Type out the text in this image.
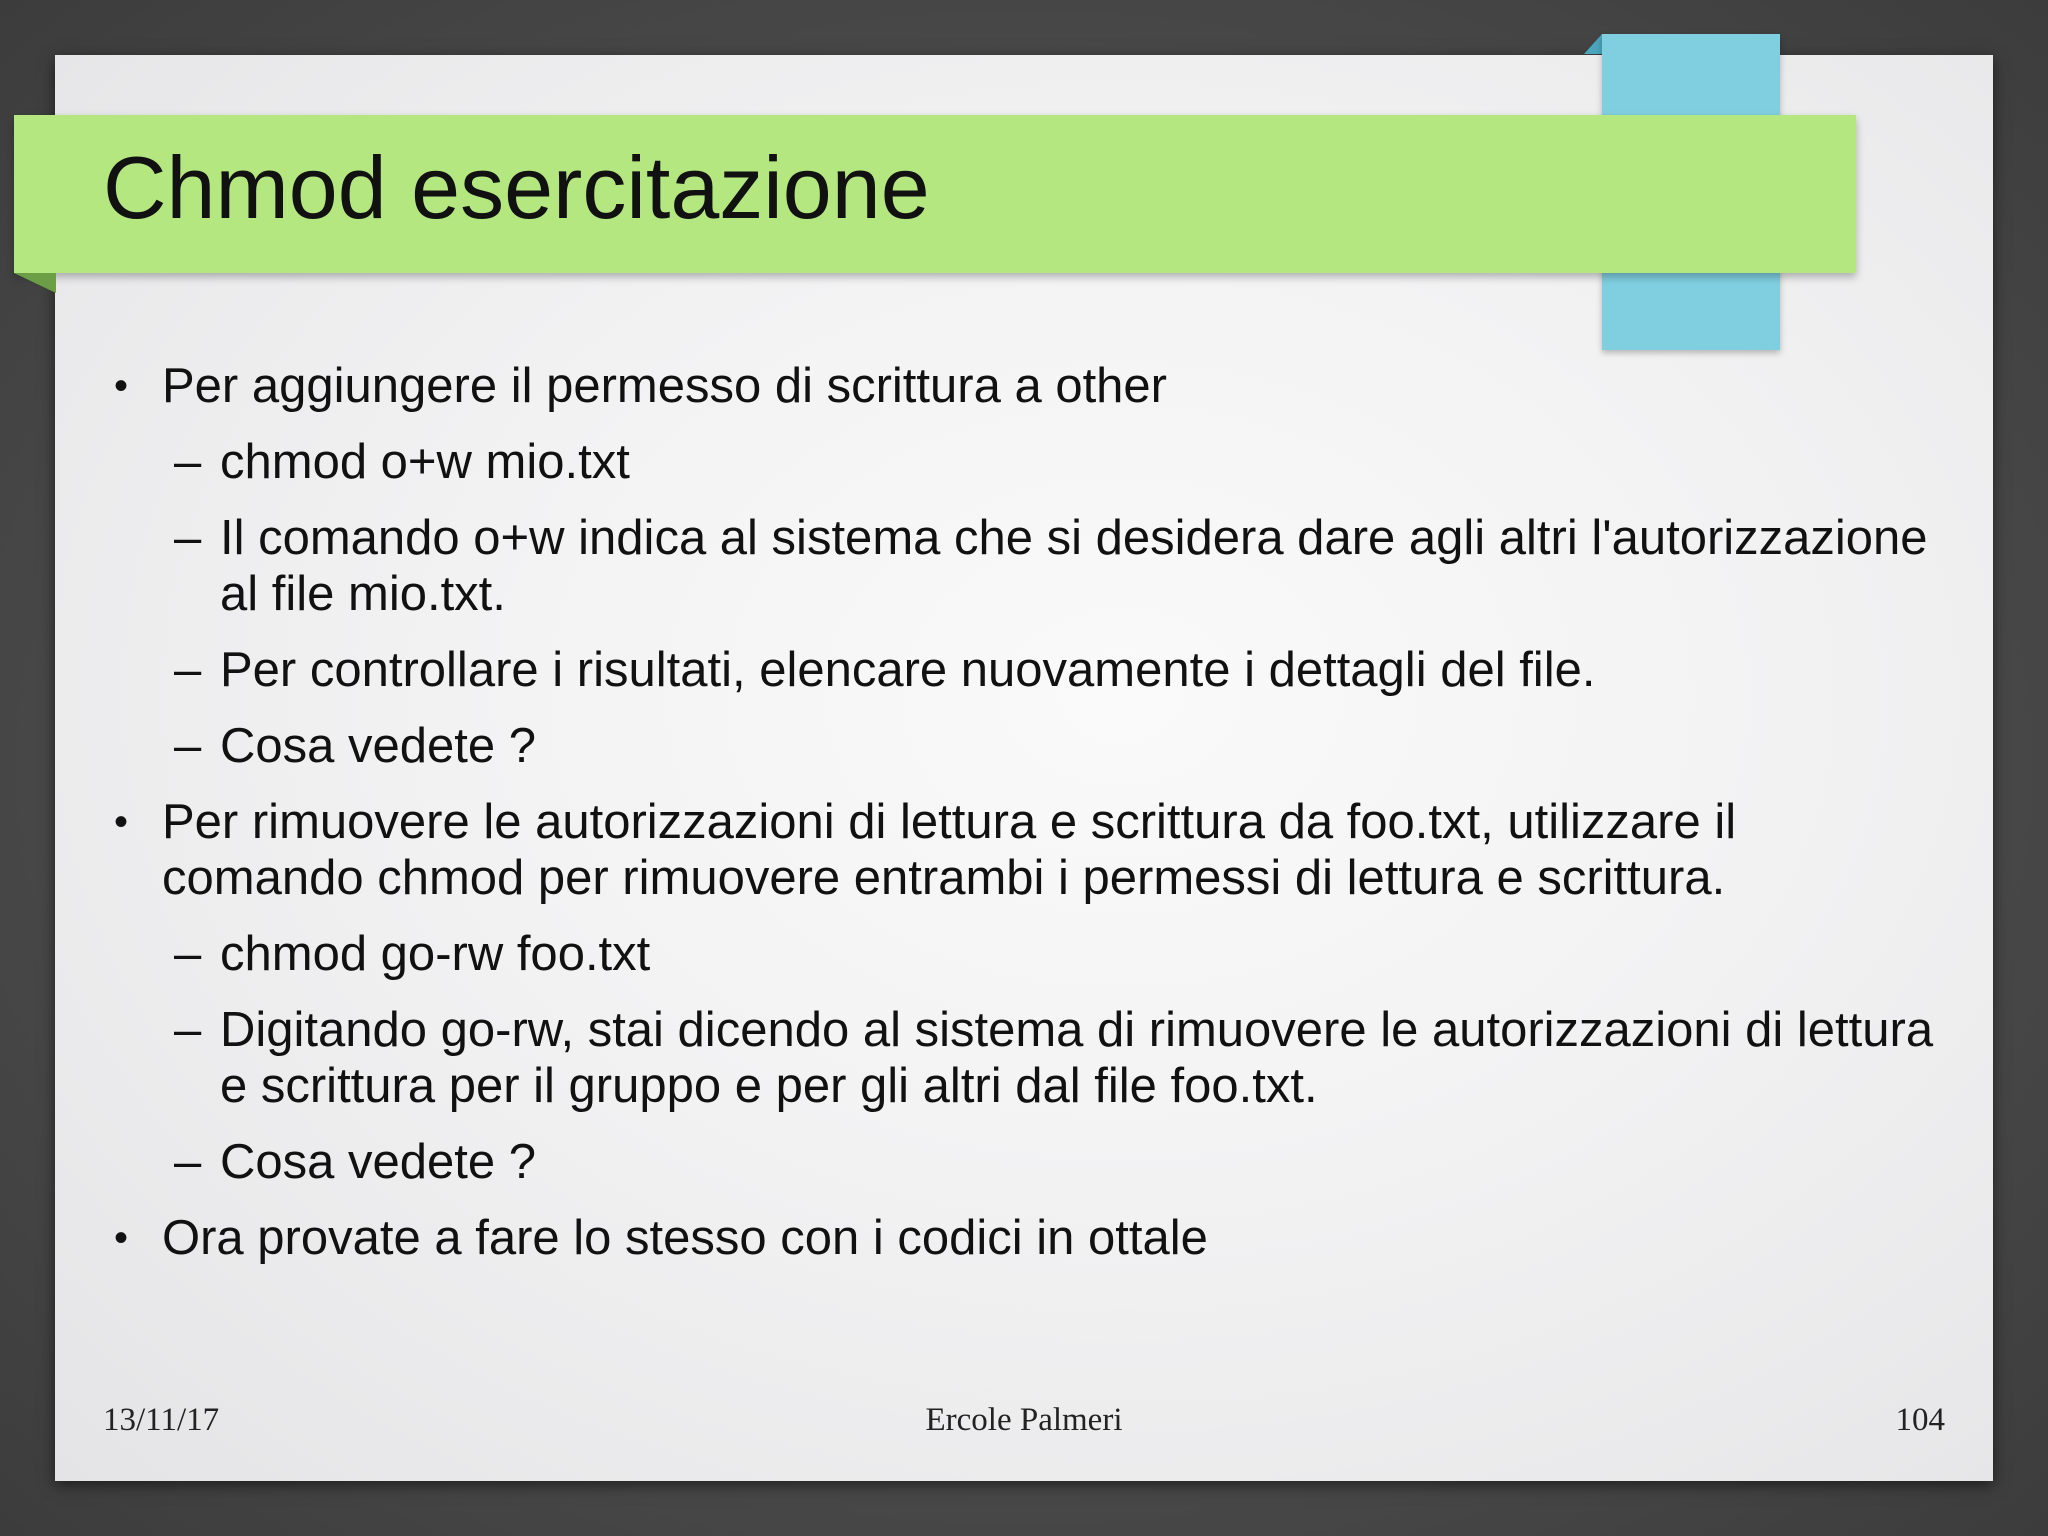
Chmod esercitazione
• Per aggiungere il permesso di scrittura a other
– chmod o+w mio.txt
– Il comando o+w indica al sistema che si desidera dare agli altri l'autorizzazione al file mio.txt.
– Per controllare i risultati, elencare nuovamente i dettagli del file.
– Cosa vedete ?
• Per rimuovere le autorizzazioni di lettura e scrittura da foo.txt, utilizzare il comando chmod per rimuovere entrambi i permessi di lettura e scrittura.
– chmod go-rw foo.txt
– Digitando go-rw, stai dicendo al sistema di rimuovere le autorizzazioni di lettura e scrittura per il gruppo e per gli altri dal file foo.txt.
– Cosa vedete ?
• Ora provate a fare lo stesso con i codici in ottale
13/11/17	Ercole Palmeri	104
